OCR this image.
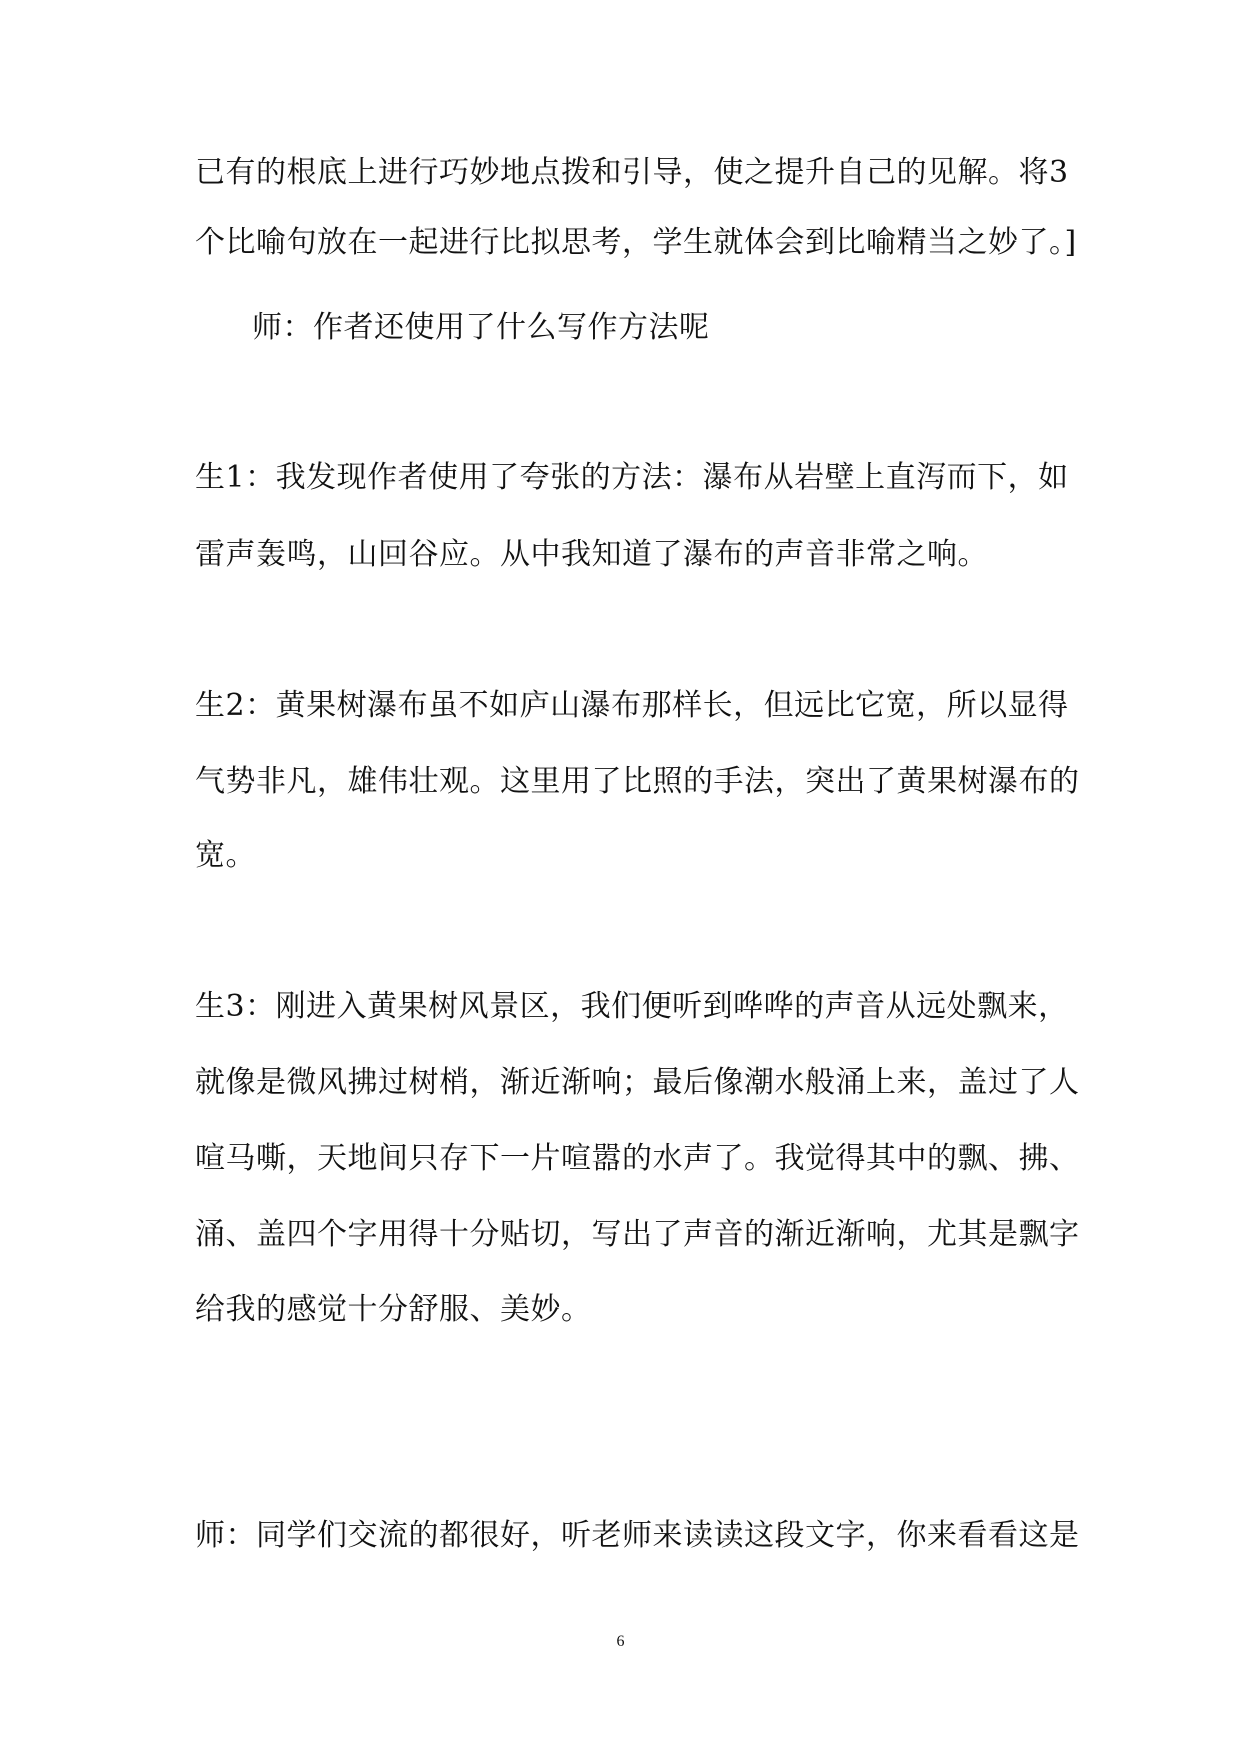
已有的根底上进行巧妙地点拨和引导，使之提升自己的见解。将3
个比喻句放在一起进行比拟思考，学生就体会到比喻精当之妙了。]
师：作者还使用了什么写作方法呢
生1：我发现作者使用了夸张的方法：瀑布从岩壁上直泻而下，如
雷声轰鸣，山回谷应。从中我知道了瀑布的声音非常之响。
生2：黄果树瀑布虽不如庐山瀑布那样长，但远比它宽，所以显得
气势非凡，雄伟壮观。这里用了比照的手法，突出了黄果树瀑布的
宽。
生3：刚进入黄果树风景区，我们便听到哗哗的声音从远处飘来，
就像是微风拂过树梢，渐近渐响；最后像潮水般涌上来，盖过了人
喧马嘶，天地间只存下一片喧嚣的水声了。我觉得其中的飘、拂、
涌、盖四个字用得十分贴切，写出了声音的渐近渐响，尤其是飘字
给我的感觉十分舒服、美妙。
师：同学们交流的都很好，听老师来读读这段文字，你来看看这是
6
